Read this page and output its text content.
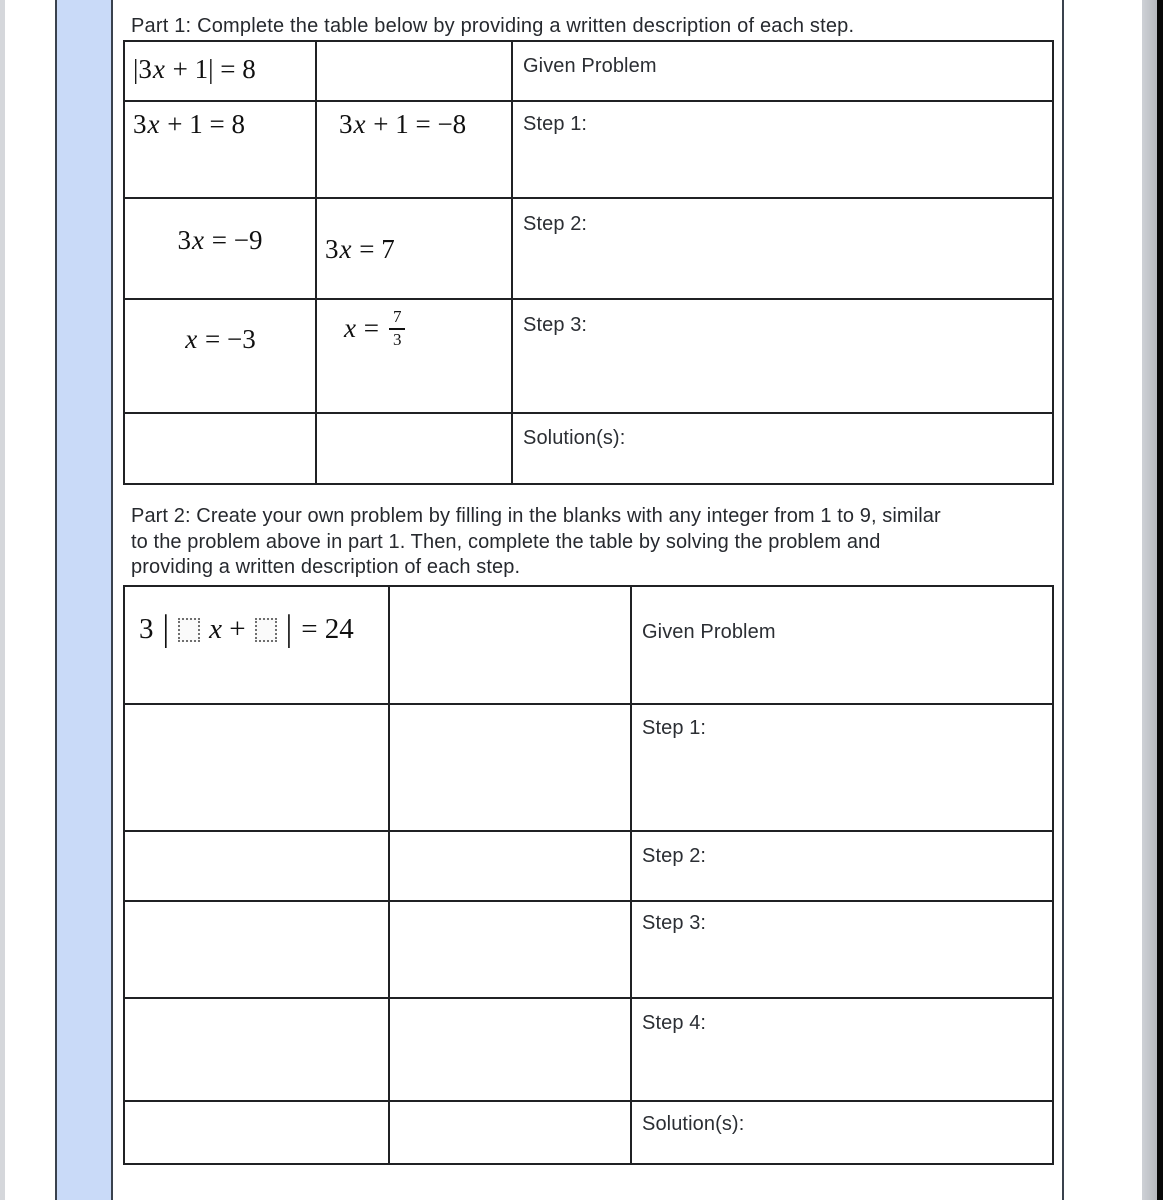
Part 1: Complete the table below by providing a written description of each step.
|3x + 1| = 8		Given Problem

3x + 1 = 8	3x + 1 = −8	Step 1:

3x = −9	3x = 7	Step 2:

x = −3	$x = \frac{7}{3}$	Step 3:

		Solution(s):
Part 2: Create your own problem by filling in the blanks with any integer from 1 to 9, similar
to the problem above in part 1. Then, complete the table by solving the problem and
providing a written description of each step.
3 | x + | = 24		Given Problem

		Step 1:

		Step 2:

		Step 3:

		Step 4:

		Solution(s):
